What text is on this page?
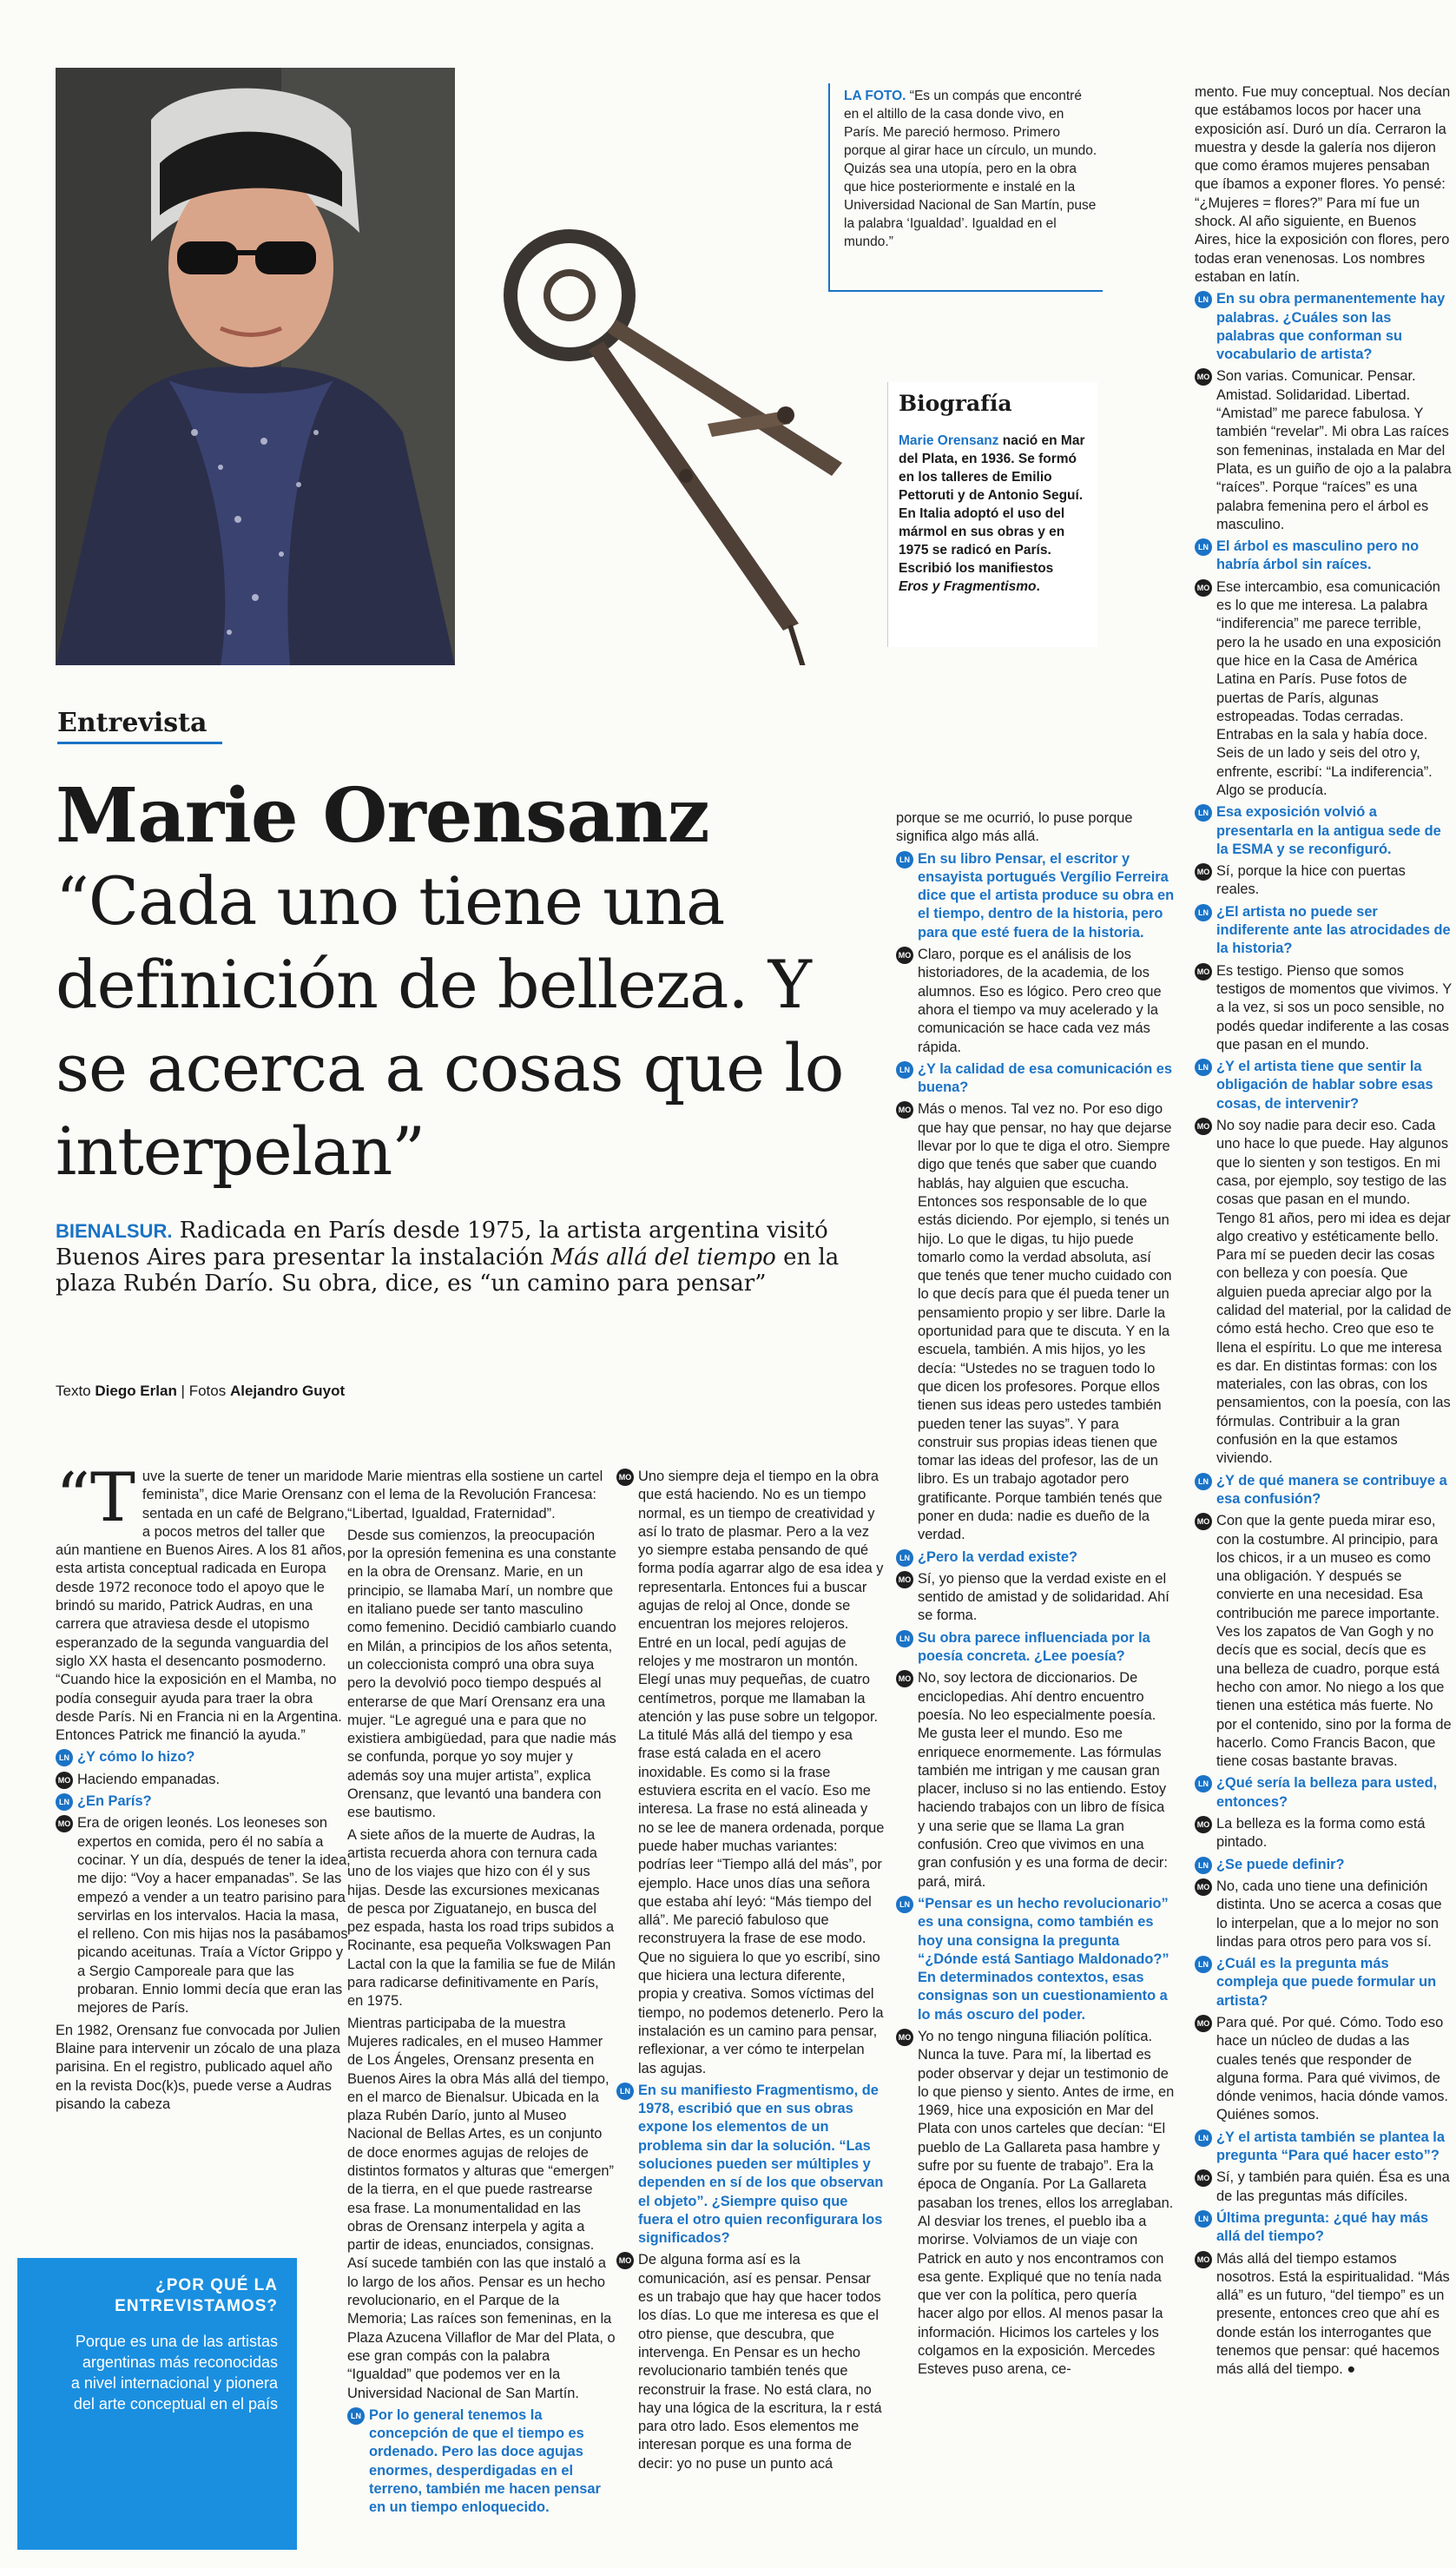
LA FOTO. “Es un compás que encontré en el altillo de la casa donde vivo, en París. Me pareció hermoso. Primero porque al girar hace un círculo, un mundo. Quizás sea una utopía, pero en la obra que hice posteriormente e instalé en la Universidad Nacional de San Martín, puse la palabra ‘Igualdad’. Igualdad en el mundo.”
Biografía

Marie Orensanz nació en Mar del Plata, en 1936. Se formó en los talleres de Emilio Pettoruti y de Antonio Seguí. En Italia adoptó el uso del mármol en sus obras y en 1975 se radicó en París. Escribió los manifiestos Eros y Fragmentismo.

Entrevista
Marie Orensanz
“Cada uno tiene una definición de belleza. Y se acerca a cosas que lo interpelan”
BIENALSUR. Radicada en París desde 1975, la artista argentina visitó Buenos Aires para presentar la instalación Más allá del tiempo en la plaza Rubén Darío. Su obra, dice, es “un camino para pensar”
Texto Diego Erlan | Fotos Alejandro Guyot

“Tuve la suerte de tener un marido feminista”, dice Marie Orensanz sentada en un café de Belgrano, a pocos metros del taller que aún mantiene en Buenos Aires. A los 81 años, esta artista conceptual radicada en Europa desde 1972 reconoce todo el apoyo que le brindó su marido, Patrick Audras, en una carrera que atraviesa desde el utopismo esperanzado de la segunda vanguardia del siglo XX hasta el desencanto posmoderno. “Cuando hice la exposición en el Mamba, no podía conseguir ayuda para traer la obra desde París. Ni en Francia ni en la Argentina. Entonces Patrick me financió la ayuda.”

LN ¿Y cómo lo hizo?
MO Haciendo empanadas.
LN ¿En París?
MO Era de origen leonés. Los leoneses son expertos en comida, pero él no sabía a cocinar. Y un día, después de tener la idea, me dijo: “Voy a hacer empanadas”. Se las empezó a vender a un teatro parisino para servirlas en los intervalos. Hacia la masa, el relleno. Con mis hijas nos la pasábamos picando aceitunas. Traía a Víctor Grippo y a Sergio Camporeale para que las probaran. Ennio Iommi decía que eran las mejores de París.

En 1982, Orensanz fue convocada por Julien Blaine para intervenir un zócalo de una plaza parisina. En el registro, publicado aquel año en la revista Doc(k)s, puede verse a Audras pisando la cabeza

¿POR QUÉ LA ENTREVISTAMOS?
Porque es una de las artistas argentinas más reconocidas a nivel internacional y pionera del arte conceptual en el país

de Marie mientras ella sostiene un cartel con el lema de la Revolución Francesa: “Libertad, Igualdad, Fraternidad”.

Desde sus comienzos, la preocupación por la opresión femenina es una constante en la obra de Orensanz. Marie, en un principio, se llamaba Marí, un nombre que en italiano puede ser tanto masculino como femenino. Decidió cambiarlo cuando en Milán, a principios de los años setenta, un coleccionista compró una obra suya pero la devolvió poco tiempo después al enterarse de que Marí Orensanz era una mujer. “Le agregué una e para que no existiera ambigüedad, para que nadie más se confunda, porque yo soy mujer y además soy una mujer artista”, explica Orensanz, que levantó una bandera con ese bautismo.

A siete años de la muerte de Audras, la artista recuerda ahora con ternura cada uno de los viajes que hizo con él y sus hijas. Desde las excursiones mexicanas de pesca por Ziguatanejo, en busca del pez espada, hasta los road trips subidos a Rocinante, esa pequeña Volkswagen Pan Lactal con la que la familia se fue de Milán para radicarse definitivamente en París, en 1975.

Mientras participaba de la muestra Mujeres radicales, en el museo Hammer de Los Ángeles, Orensanz presenta en Buenos Aires la obra Más allá del tiempo, en el marco de Bienalsur. Ubicada en la plaza Rubén Darío, junto al Museo Nacional de Bellas Artes, es un conjunto de doce enormes agujas de relojes de distintos formatos y alturas que “emergen” de la tierra, en el que puede rastrearse esa frase. La monumentalidad en las obras de Orensanz interpela y agita a partir de ideas, enunciados, consignas. Así sucede también con las que instaló a lo largo de los años. Pensar es un hecho revolucionario, en el Parque de la Memoria; Las raíces son femeninas, en la Plaza Azucena Villaflor de Mar del Plata, o ese gran compás con la palabra “Igualdad” que podemos ver en la Universidad Nacional de San Martín.

LN Por lo general tenemos la concepción de que el tiempo es ordenado. Pero las doce agujas enormes, desperdigadas en el terreno, también me hacen pensar en un tiempo enloquecido.
MO Uno siempre deja el tiempo en la obra que está haciendo. No es un tiempo normal, es un tiempo de creatividad y así lo trato de plasmar. Pero a la vez yo siempre estaba pensando de qué forma podía agarrar algo de esa idea y representarla. Entonces fui a buscar agujas de reloj al Once, donde se encuentran los mejores relojeros. Entré en un local, pedí agujas de relojes y me mostraron un montón. Elegí unas muy pequeñas, de cuatro centímetros, porque me llamaban la atención y las puse sobre un telgopor. La titulé Más allá del tiempo y esa frase está calada en el acero inoxidable. Es como si la frase estuviera escrita en el vacío. Eso me interesa. La frase no está alineada y no se lee de manera ordenada, porque puede haber muchas variantes: podrías leer “Tiempo allá del más”, por ejemplo. Hace unos días una señora que estaba ahí leyó: “Más tiempo del allá”. Me pareció fabuloso que reconstruyera la frase de ese modo. Que no siguiera lo que yo escribí, sino que hiciera una lectura diferente, propia y creativa. Somos víctimas del tiempo, no podemos detenerlo. Pero la instalación es un camino para pensar, reflexionar, a ver cómo te interpelan las agujas.
LN En su manifiesto Fragmentismo, de 1978, escribió que en sus obras expone los elementos de un problema sin dar la solución. “Las soluciones pueden ser múltiples y dependen en sí de los que observan el objeto”. ¿Siempre quiso que fuera el otro quien reconfigurara los significados?
MO De alguna forma así es la comunicación, así es pensar. Pensar es un trabajo que hay que hacer todos los días. Lo que me interesa es que el otro piense, que descubra, que intervenga. En Pensar es un hecho revolucionario también tenés que reconstruir la frase. No está clara, no hay una lógica de la escritura, la r está para otro lado. Esos elementos me interesan porque es una forma de decir: yo no puse un punto acá

porque se me ocurrió, lo puse porque significa algo más allá.

LN En su libro Pensar, el escritor y ensayista portugués Vergílio Ferreira dice que el artista produce su obra en el tiempo, dentro de la historia, pero para que esté fuera de la historia.
MO Claro, porque es el análisis de los historiadores, de la academia, de los alumnos. Eso es lógico. Pero creo que ahora el tiempo va muy acelerado y la comunicación se hace cada vez más rápida.
LN ¿Y la calidad de esa comunicación es buena?
MO Más o menos. Tal vez no. Por eso digo que hay que pensar, no hay que dejarse llevar por lo que te diga el otro. Siempre digo que tenés que saber que cuando hablás, hay alguien que escucha. Entonces sos responsable de lo que estás diciendo. Por ejemplo, si tenés un hijo. Lo que le digas, tu hijo puede tomarlo como la verdad absoluta, así que tenés que tener mucho cuidado con lo que decís para que él pueda tener un pensamiento propio y ser libre. Darle la oportunidad para que te discuta. Y en la escuela, también. A mis hijos, yo les decía: “Ustedes no se traguen todo lo que dicen los profesores. Porque ellos tienen sus ideas pero ustedes también pueden tener las suyas”. Y para construir sus propias ideas tienen que tomar las ideas del profesor, las de un libro. Es un trabajo agotador pero gratificante. Porque también tenés que poner en duda: nadie es dueño de la verdad.
LN ¿Pero la verdad existe?
MO Sí, yo pienso que la verdad existe en el sentido de amistad y de solidaridad. Ahí se forma.
LN Su obra parece influenciada por la poesía concreta. ¿Lee poesía?
MO No, soy lectora de diccionarios. De enciclopedias. Ahí dentro encuentro poesía. No leo especialmente poesía. Me gusta leer el mundo. Eso me enriquece enormemente. Las fórmulas también me intrigan y me causan gran placer, incluso si no las entiendo. Estoy haciendo trabajos con un libro de física y una serie que se llama La gran confusión. Creo que vivimos en una gran confusión y es una forma de decir: pará, mirá.
LN “Pensar es un hecho revolucionario” es una consigna, como también es hoy una consigna la pregunta “¿Dónde está Santiago Maldonado?” En determinados contextos, esas consignas son un cuestionamiento a lo más oscuro del poder.
MO Yo no tengo ninguna filiación política. Nunca la tuve. Para mí, la libertad es poder observar y dejar un testimonio de lo que pienso y siento. Antes de irme, en 1969, hice una exposición en Mar del Plata con unos carteles que decían: “El pueblo de La Gallareta pasa hambre y sufre por su fuente de trabajo”. Era la época de Onganía. Por La Gallareta pasaban los trenes, ellos los arreglaban. Al desviar los trenes, el pueblo iba a morirse. Volviamos de un viaje con Patrick en auto y nos encontramos con esa gente. Expliqué que no tenía nada que ver con la política, pero quería hacer algo por ellos. Al menos pasar la información. Hicimos los carteles y los colgamos en la exposición. Mercedes Esteves puso arena, ce-

mento. Fue muy conceptual. Nos decían que estábamos locos por hacer una exposición así. Duró un día. Cerraron la muestra y desde la galería nos dijeron que como éramos mujeres pensaban que íbamos a exponer flores. Yo pensé: “¿Mujeres = flores?” Para mí fue un shock. Al año siguiente, en Buenos Aires, hice la exposición con flores, pero todas eran venenosas. Los nombres estaban en latín.

LN En su obra permanentemente hay palabras. ¿Cuáles son las palabras que conforman su vocabulario de artista?
MO Son varias. Comunicar. Pensar. Amistad. Solidaridad. Libertad. “Amistad” me parece fabulosa. Y también “revelar”. Mi obra Las raíces son femeninas, instalada en Mar del Plata, es un guiño de ojo a la palabra “raíces”. Porque “raíces” es una palabra femenina pero el árbol es masculino.
LN El árbol es masculino pero no habría árbol sin raíces.
MO Ese intercambio, esa comunicación es lo que me interesa. La palabra “indiferencia” me parece terrible, pero la he usado en una exposición que hice en la Casa de América Latina en París. Puse fotos de puertas de París, algunas estropeadas. Todas cerradas. Entrabas en la sala y había doce. Seis de un lado y seis del otro y, enfrente, escribí: “La indiferencia”. Algo se producía.
LN Esa exposición volvió a presentarla en la antigua sede de la ESMA y se reconfiguró.
MO Sí, porque la hice con puertas reales.
LN ¿El artista no puede ser indiferente ante las atrocidades de la historia?
MO Es testigo. Pienso que somos testigos de momentos que vivimos. Y a la vez, si sos un poco sensible, no podés quedar indiferente a las cosas que pasan en el mundo.
LN ¿Y el artista tiene que sentir la obligación de hablar sobre esas cosas, de intervenir?
MO No soy nadie para decir eso. Cada uno hace lo que puede. Hay algunos que lo sienten y son testigos. En mi casa, por ejemplo, soy testigo de las cosas que pasan en el mundo. Tengo 81 años, pero mi idea es dejar algo creativo y estéticamente bello. Para mí se pueden decir las cosas con belleza y con poesía. Que alguien pueda apreciar algo por la calidad del material, por la calidad de cómo está hecho. Creo que eso te llena el espíritu. Lo que me interesa es dar. En distintas formas: con los materiales, con las obras, con los pensamientos, con la poesía, con las fórmulas. Contribuir a la gran confusión en la que estamos viviendo.
LN ¿Y de qué manera se contribuye a esa confusión?
MO Con que la gente pueda mirar eso, con la costumbre. Al principio, para los chicos, ir a un museo es como una obligación. Y después se convierte en una necesidad. Esa contribución me parece importante. Ves los zapatos de Van Gogh y no decís que es social, decís que es una belleza de cuadro, porque está hecho con amor. No niego a los que tienen una estética más fuerte. No por el contenido, sino por la forma de hacerlo. Como Francis Bacon, que tiene cosas bastante bravas.
LN ¿Qué sería la belleza para usted, entonces?
MO La belleza es la forma como está pintado.
LN ¿Se puede definir?
MO No, cada uno tiene una definición distinta. Uno se acerca a cosas que lo interpelan, que a lo mejor no son lindas para otros pero para vos sí.
LN ¿Cuál es la pregunta más compleja que puede formular un artista?
MO Para qué. Por qué. Cómo. Todo eso hace un núcleo de dudas a las cuales tenés que responder de alguna forma. Para qué vivimos, de dónde venimos, hacia dónde vamos. Quiénes somos.
LN ¿Y el artista también se plantea la pregunta “Para qué hacer esto”?
MO Sí, y también para quién. Ésa es una de las preguntas más difíciles.
LN Última pregunta: ¿qué hay más allá del tiempo?
MO Más allá del tiempo estamos nosotros. Está la espiritualidad. “Más allá” es un futuro, “del tiempo” es un presente, entonces creo que ahí es donde están los interrogantes que tenemos que pensar: qué hacemos más allá del tiempo. ●
